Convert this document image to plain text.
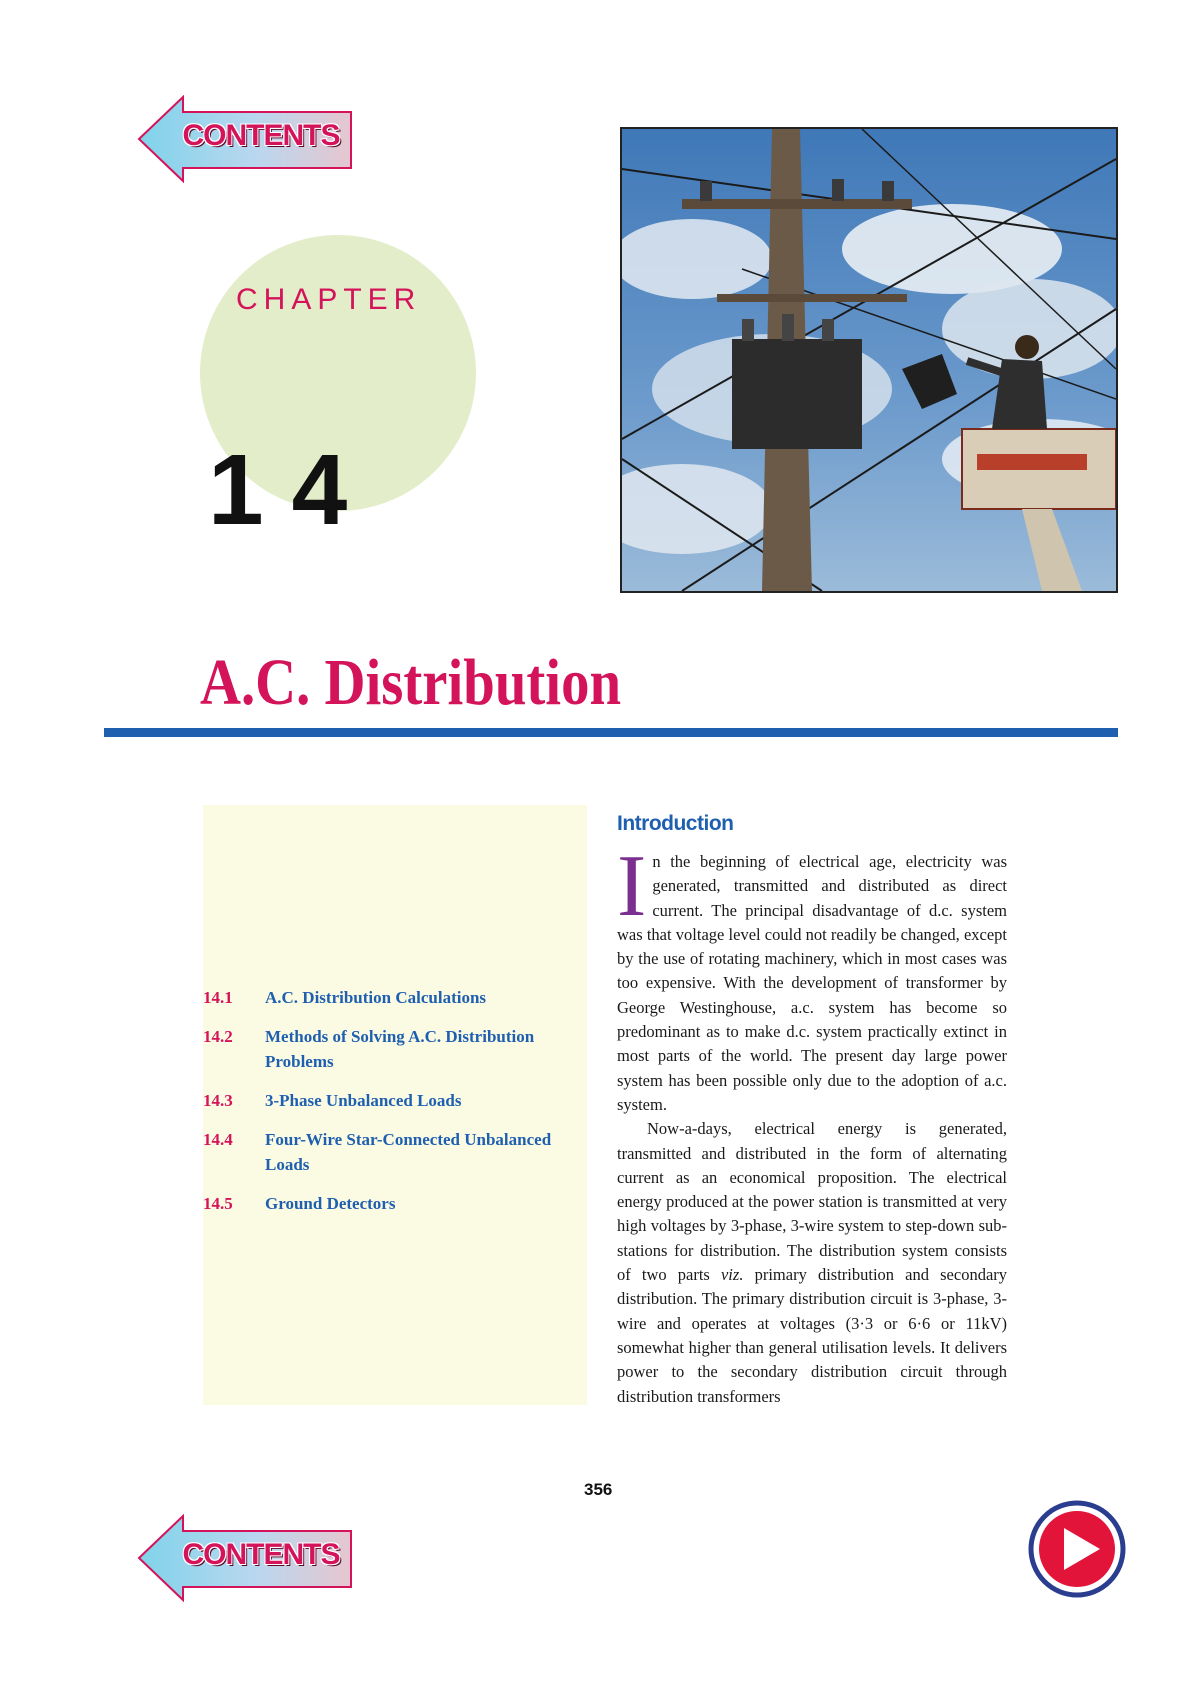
CONTENTS
CHAPTER
14
A.C. Distribution
14.1	A.C. Distribution Calculations
14.2	Methods of Solving A.C. Distribution Problems
14.3	3-Phase Unbalanced Loads
14.4	Four-Wire Star-Connected Unbalanced Loads
14.5	Ground Detectors
Introduction

In the beginning of electrical age, electricity was generated, transmitted and distributed as direct current. The principal disadvantage of d.c. system was that voltage level could not readily be changed, except by the use of rotating machinery, which in most cases was too expensive. With the development of transformer by George Westinghouse, a.c. system has become so predominant as to make d.c. system practically extinct in most parts of the world. The present day large power system has been possible only due to the adoption of a.c. system.

Now-a-days, electrical energy is generated, transmitted and distributed in the form of alternating current as an economical proposition. The electrical energy produced at the power station is transmitted at very high voltages by 3-phase, 3-wire system to step-down sub-stations for distribution. The distribution system consists of two parts viz. primary distribution and secondary distribution. The primary distribution circuit is 3-phase, 3-wire and operates at voltages (3·3 or 6·6 or 11kV) somewhat higher than general utilisation levels. It delivers power to the secondary distribution circuit through distribution transformers

356
CONTENTS
